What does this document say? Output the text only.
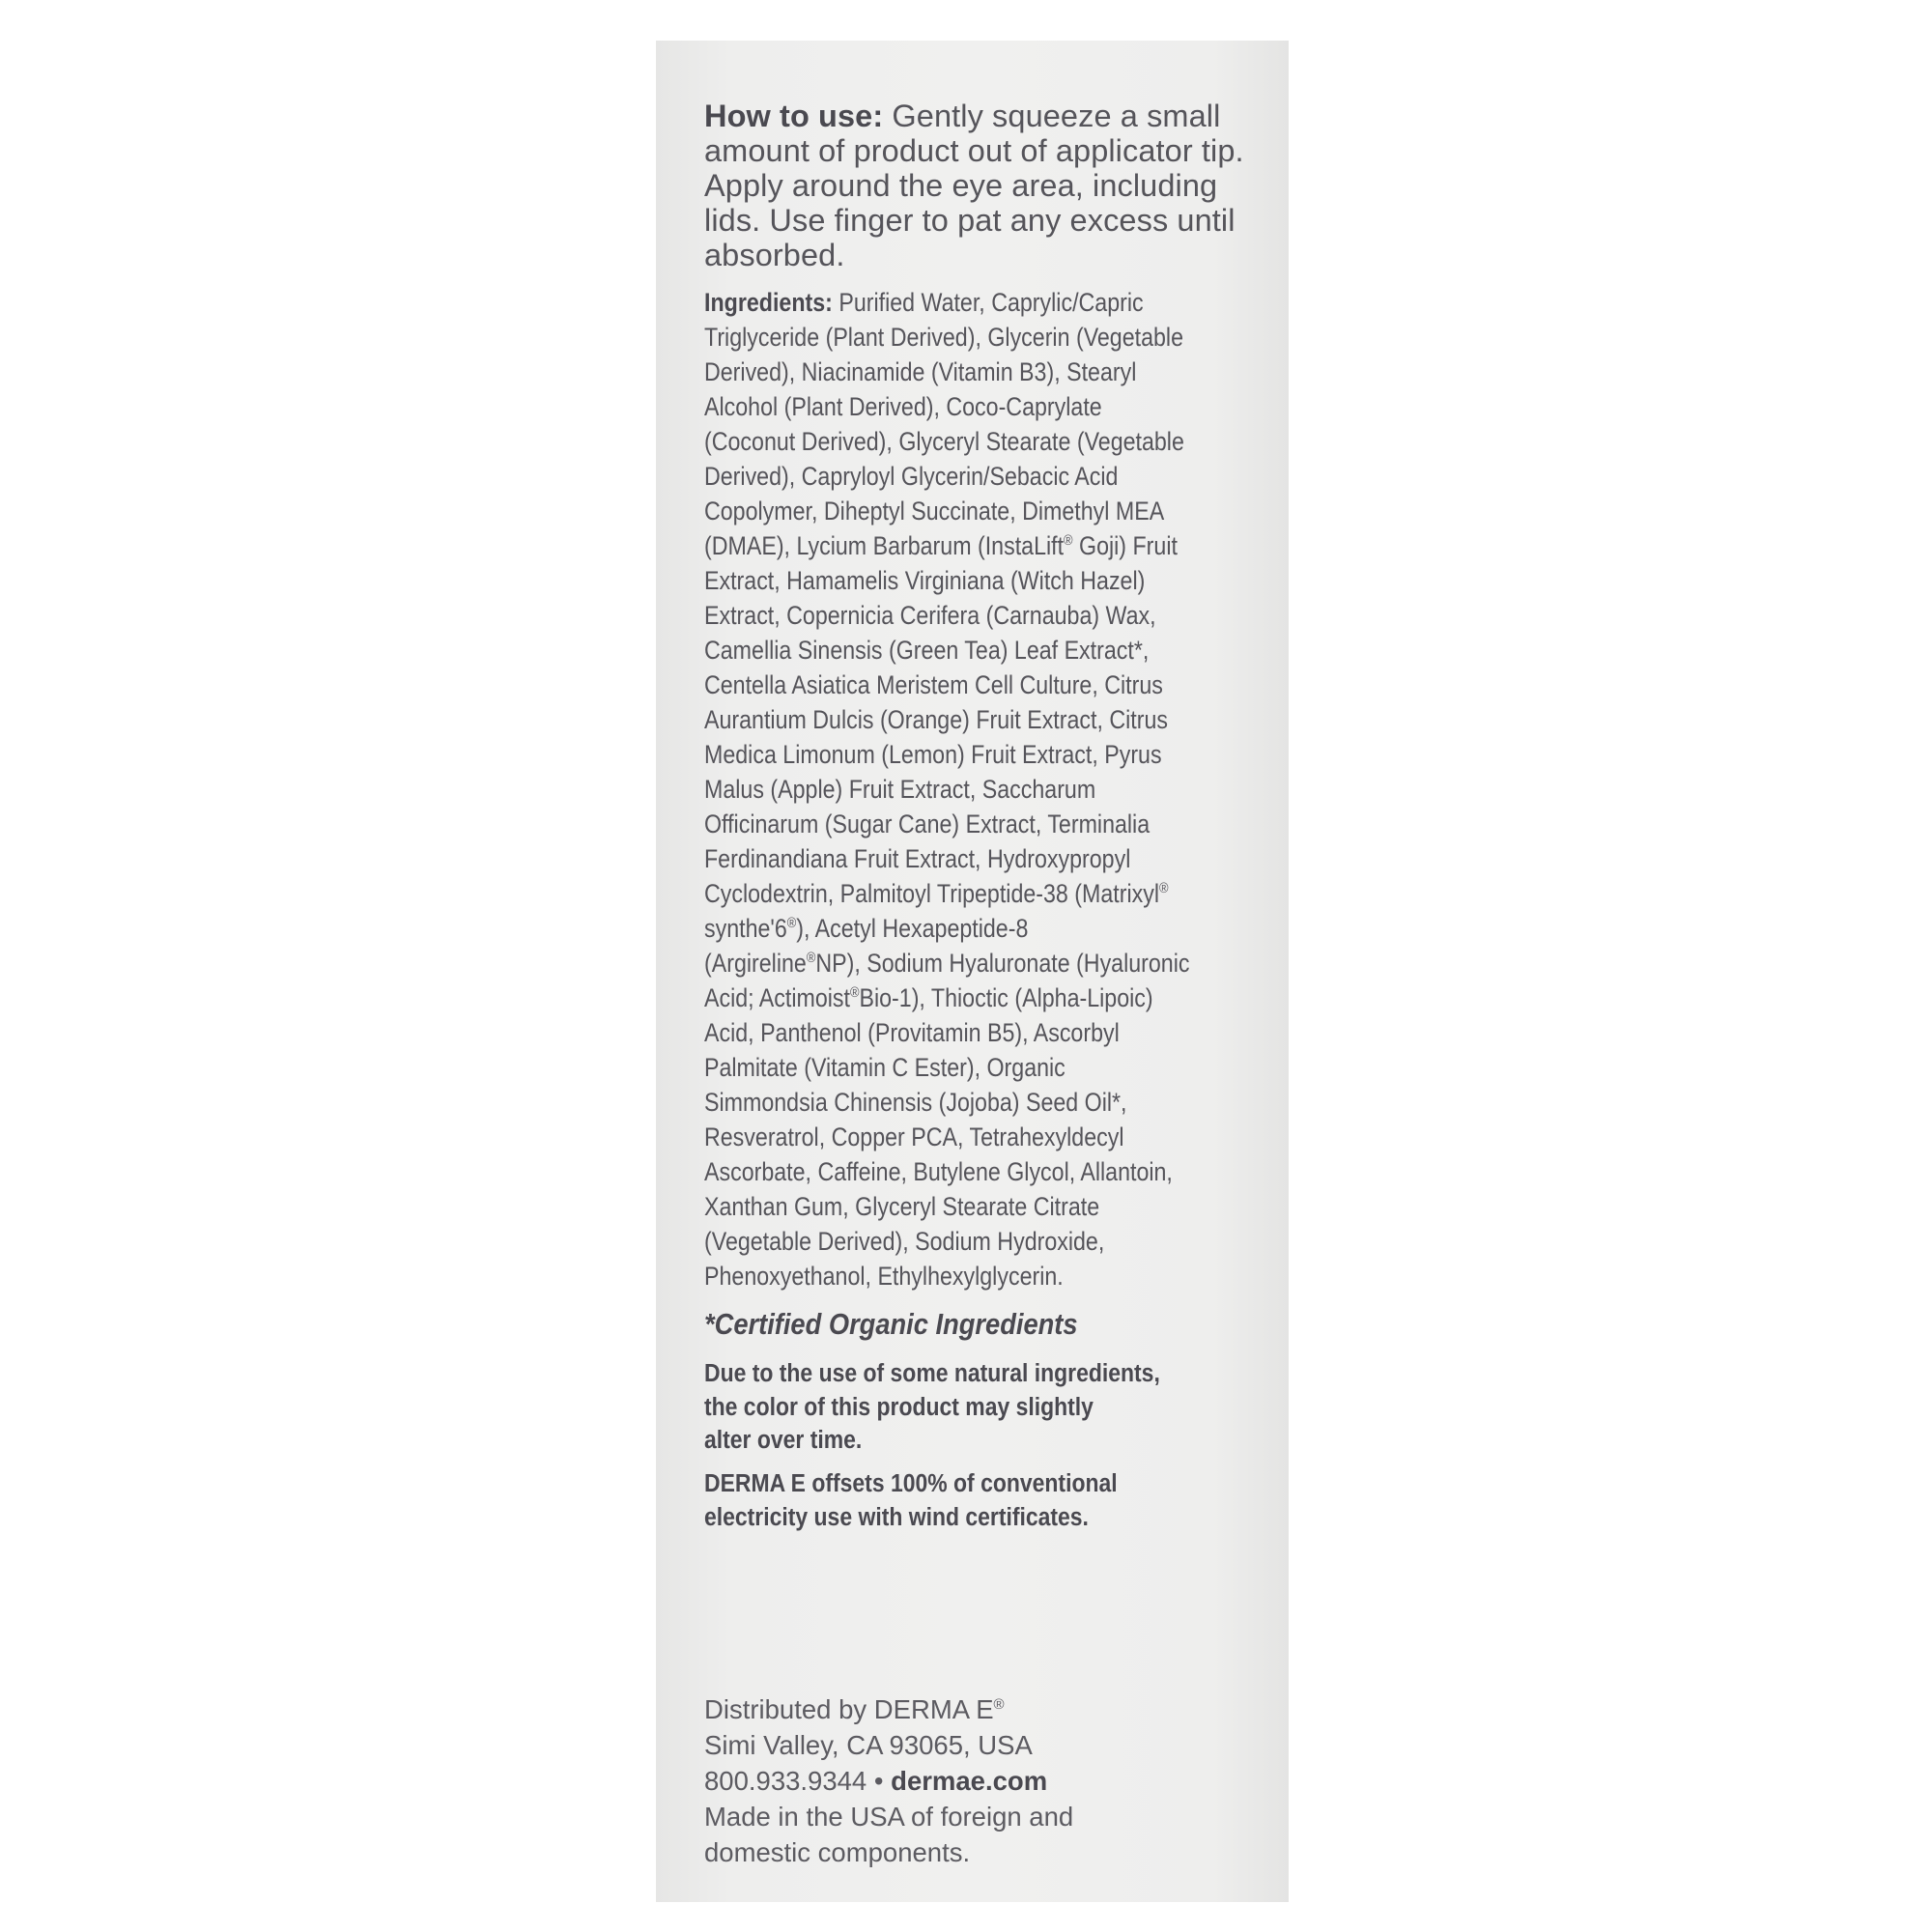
How to use: Gently squeeze a small amount of product out of applicator tip. Apply around the eye area, including lids. Use finger to pat any excess until absorbed.
Ingredients: Purified Water, Caprylic/Capric
Triglyceride (Plant Derived), Glycerin (Vegetable
Derived), Niacinamide (Vitamin B3), Stearyl
Alcohol (Plant Derived), Coco-Caprylate
(Coconut Derived), Glyceryl Stearate (Vegetable
Derived), Capryloyl Glycerin/Sebacic Acid
Copolymer, Diheptyl Succinate, Dimethyl MEA
(DMAE), Lycium Barbarum (InstaLift® Goji) Fruit
Extract, Hamamelis Virginiana (Witch Hazel)
Extract, Copernicia Cerifera (Carnauba) Wax,
Camellia Sinensis (Green Tea) Leaf Extract*,
Centella Asiatica Meristem Cell Culture, Citrus
Aurantium Dulcis (Orange) Fruit Extract, Citrus
Medica Limonum (Lemon) Fruit Extract, Pyrus
Malus (Apple) Fruit Extract, Saccharum
Officinarum (Sugar Cane) Extract, Terminalia
Ferdinandiana Fruit Extract, Hydroxypropyl
Cyclodextrin, Palmitoyl Tripeptide-38 (Matrixyl®
synthe'6®), Acetyl Hexapeptide-8
(Argireline®NP), Sodium Hyaluronate (Hyaluronic
Acid; Actimoist®Bio-1), Thioctic (Alpha-Lipoic)
Acid, Panthenol (Provitamin B5), Ascorbyl
Palmitate (Vitamin C Ester), Organic
Simmondsia Chinensis (Jojoba) Seed Oil*,
Resveratrol, Copper PCA, Tetrahexyldecyl
Ascorbate, Caffeine, Butylene Glycol, Allantoin,
Xanthan Gum, Glyceryl Stearate Citrate
(Vegetable Derived), Sodium Hydroxide,
Phenoxyethanol, Ethylhexylglycerin.
*Certified Organic Ingredients
Due to the use of some natural ingredients,
the color of this product may slightly
alter over time.
DERMA E offsets 100% of conventional
electricity use with wind certificates.
Distributed by DERMA E®
Simi Valley, CA 93065, USA
800.933.9344 • dermae.com
Made in the USA of foreign and
domestic components.
